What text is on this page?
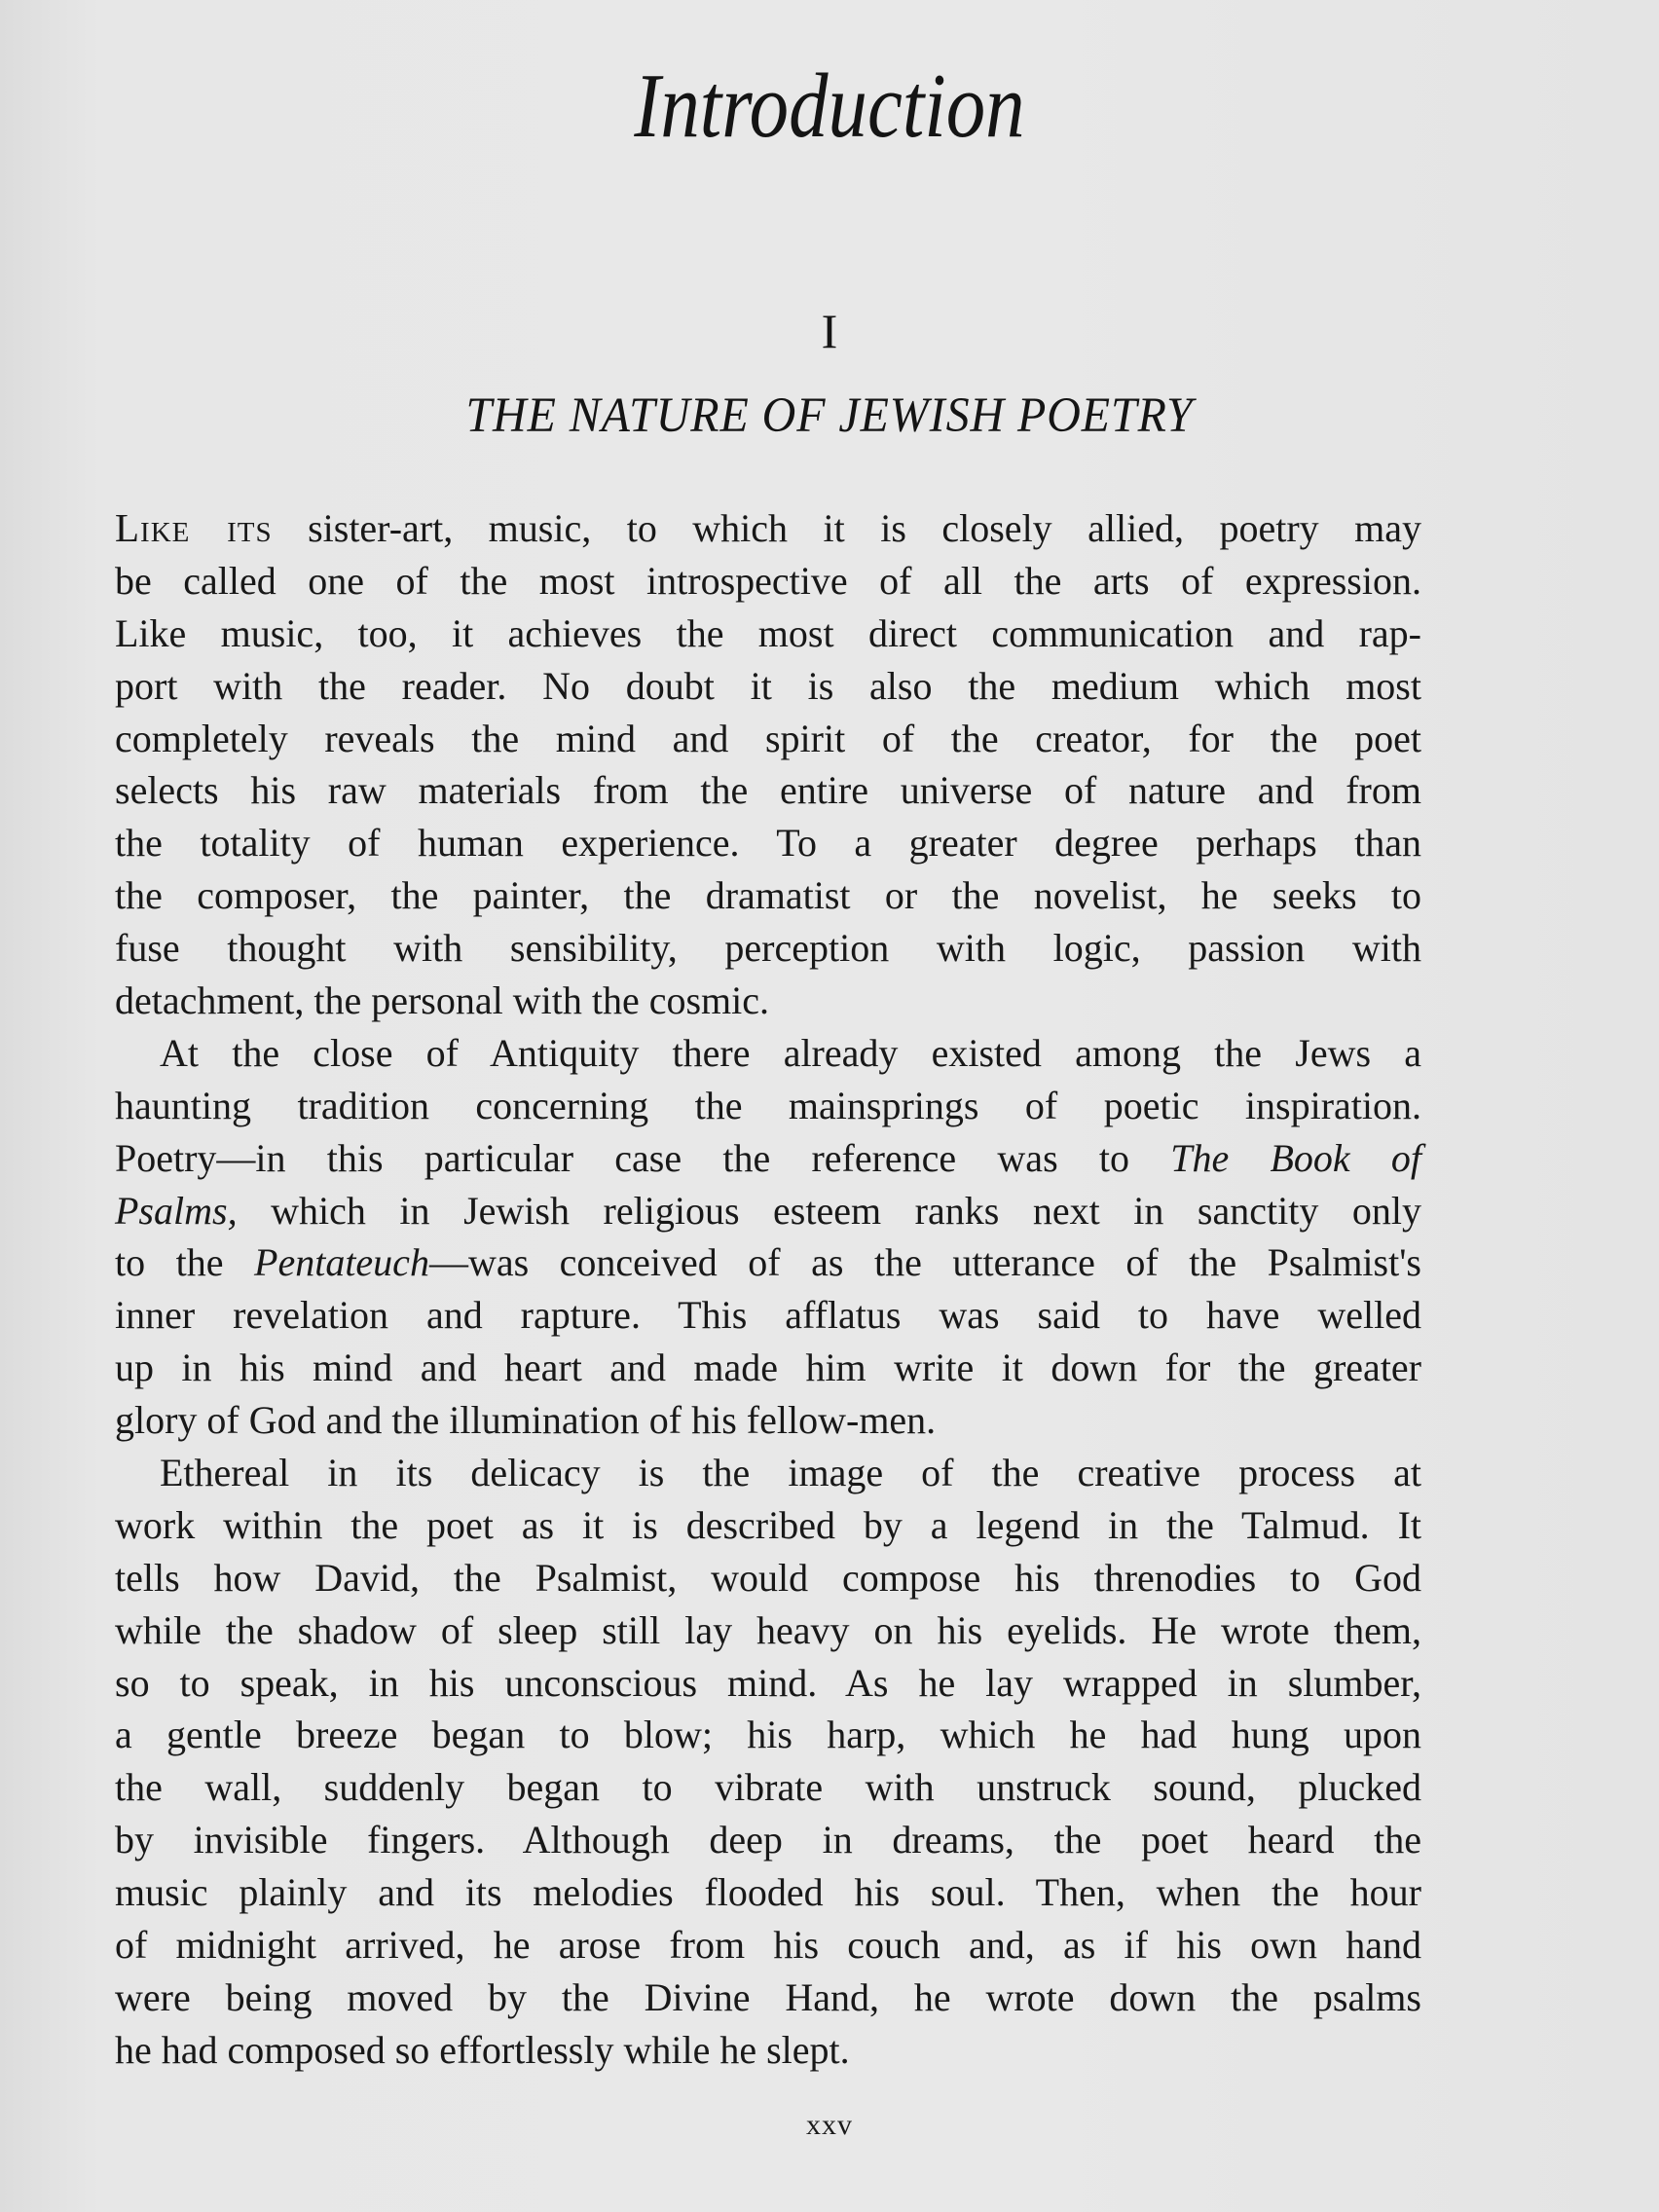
Introduction
I
THE NATURE OF JEWISH POETRY
Like its sister-art, music, to which it is closely allied, poetry may
be called one of the most introspective of all the arts of expression.
Like music, too, it achieves the most direct communication and rap-
port with the reader. No doubt it is also the medium which most
completely reveals the mind and spirit of the creator, for the poet
selects his raw materials from the entire universe of nature and from
the totality of human experience. To a greater degree perhaps than
the composer, the painter, the dramatist or the novelist, he seeks to
fuse thought with sensibility, perception with logic, passion with
detachment, the personal with the cosmic.
At the close of Antiquity there already existed among the Jews a
haunting tradition concerning the mainsprings of poetic inspiration.
Poetry—in this particular case the reference was to The Book of
Psalms, which in Jewish religious esteem ranks next in sanctity only
to the Pentateuch—was conceived of as the utterance of the Psalmist's
inner revelation and rapture. This afflatus was said to have welled
up in his mind and heart and made him write it down for the greater
glory of God and the illumination of his fellow-men.
Ethereal in its delicacy is the image of the creative process at
work within the poet as it is described by a legend in the Talmud. It
tells how David, the Psalmist, would compose his threnodies to God
while the shadow of sleep still lay heavy on his eyelids. He wrote them,
so to speak, in his unconscious mind. As he lay wrapped in slumber,
a gentle breeze began to blow; his harp, which he had hung upon
the wall, suddenly began to vibrate with unstruck sound, plucked
by invisible fingers. Although deep in dreams, the poet heard the
music plainly and its melodies flooded his soul. Then, when the hour
of midnight arrived, he arose from his couch and, as if his own hand
were being moved by the Divine Hand, he wrote down the psalms
he had composed so effortlessly while he slept.
xxv
